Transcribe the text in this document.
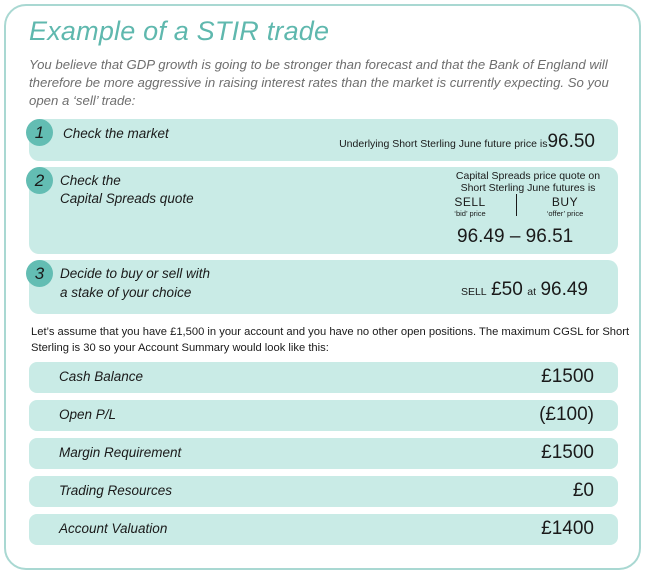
Example of a STIR trade
You believe that GDP growth is going to be stronger than forecast and that the Bank of England will therefore be more aggressive in raising interest rates than the market is currently expecting. So you open a ‘sell’ trade:
1	Check the market
Underlying Short Sterling June future price is96.50
2	Check the
Capital Spreads quote
Capital Spreads price quote on
Short Sterling June futures is
SELL
‘bid’ price
BUY
‘offer’ price
96.49 – 96.51
3	Decide to buy or sell with
a stake of your choice	SELL £50 at 96.49
Let’s assume that you have £1,500 in your account and you have no other open positions. The maximum CGSL for Short Sterling is 30 so your Account Summary would look like this:
Cash Balance	£1500
Open P/L	(£100)
Margin Requirement	£1500
Trading Resources	£0
Account Valuation	£1400
